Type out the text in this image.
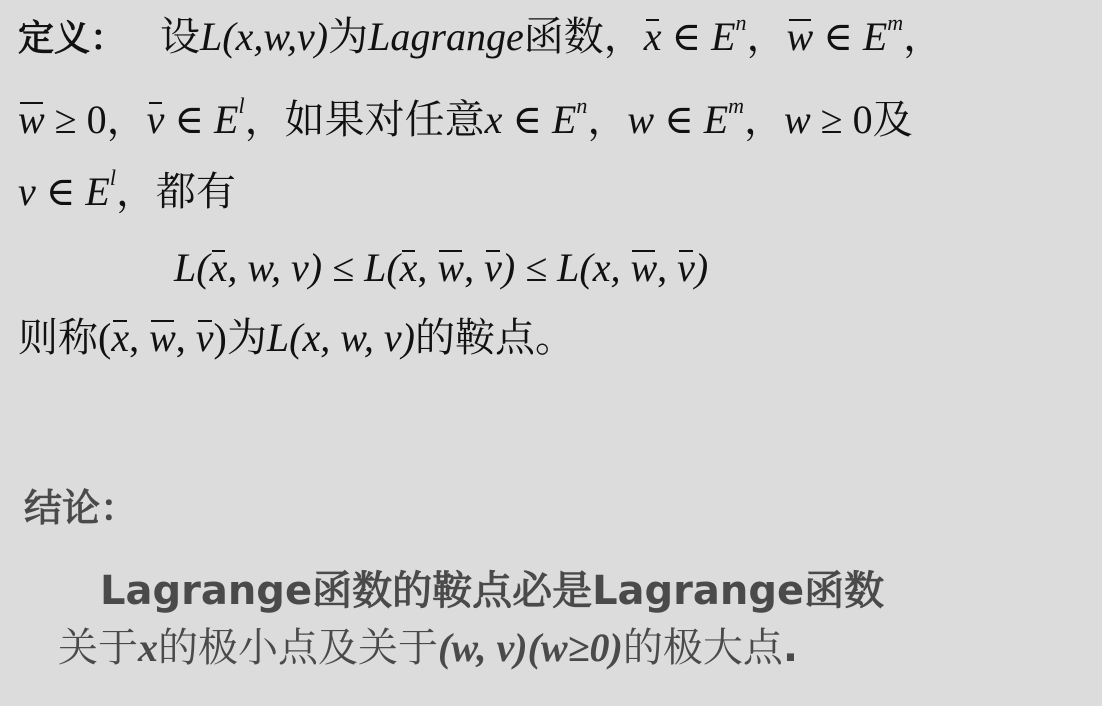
定义： 设L(x,w,v)为Lagrange函数，x ∈ $E^n$，w ∈ $E^m$，
w ≥ 0，v ∈ $E^l$，如果对任意x ∈ $E^n$，w ∈ $E^m$，w ≥ 0及
v ∈ $E^l$，都有
L(x, w, v) ≤ L(x, w, v) ≤ L(x, w, v)
则称(x, w, v)为L(x, w, v)的鞍点。
结论：
Lagrange函数的鞍点必是Lagrange函数
关于x的极小点及关于(w, v)(w≥0)的极大点.
